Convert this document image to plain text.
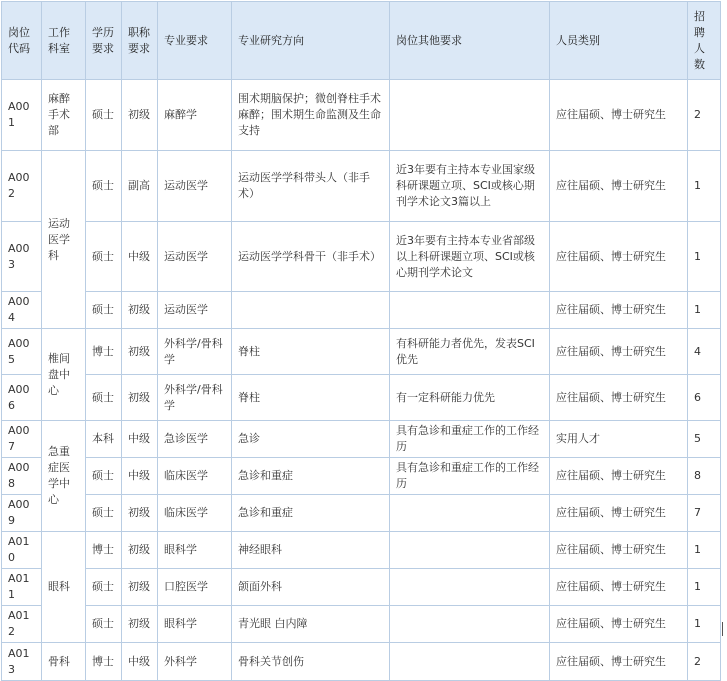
岗位代码	工作科室	学历要求	职称要求	专业要求	专业研究方向	岗位其他要求	人员类别	招聘人数
A001	麻醉手术部	硕士	初级	麻醉学	围术期脑保护；微创脊柱手术麻醉；围术期生命监测及生命支持		应往届硕、博士研究生	2
A002	运动医学科	硕士	副高	运动医学	运动医学学科带头人（非手术）	近3年要有主持本专业国家级科研课题立项、SCI或核心期刊学术论文3篇以上	应往届硕、博士研究生	1
A003		硕士	中级	运动医学	运动医学学科骨干（非手术）	近3年要有主持本专业省部级以上科研课题立项、SCI或核心期刊学术论文	应往届硕、博士研究生	1
A004		硕士	初级	运动医学			应往届硕、博士研究生	1
A005	椎间盘中心	博士	初级	外科学/骨科学	脊柱	有科研能力者优先，发表SCI优先	应往届硕、博士研究生	4
A006		硕士	初级	外科学/骨科学	脊柱	有一定科研能力优先	应往届硕、博士研究生	6
A007	急重症医学中心	本科	中级	急诊医学	急诊	具有急诊和重症工作的工作经历	实用人才	5
A008		硕士	中级	临床医学	急诊和重症	具有急诊和重症工作的工作经历	应往届硕、博士研究生	8
A009		硕士	初级	临床医学	急诊和重症		应往届硕、博士研究生	7
A010	眼科	博士	初级	眼科学	神经眼科		应往届硕、博士研究生	1
A011		硕士	初级	口腔医学	颌面外科		应往届硕、博士研究生	1
A012		硕士	初级	眼科学	青光眼 白内障		应往届硕、博士研究生	1
A013	骨科	博士	中级	外科学	骨科关节创伤		应往届硕、博士研究生	2
